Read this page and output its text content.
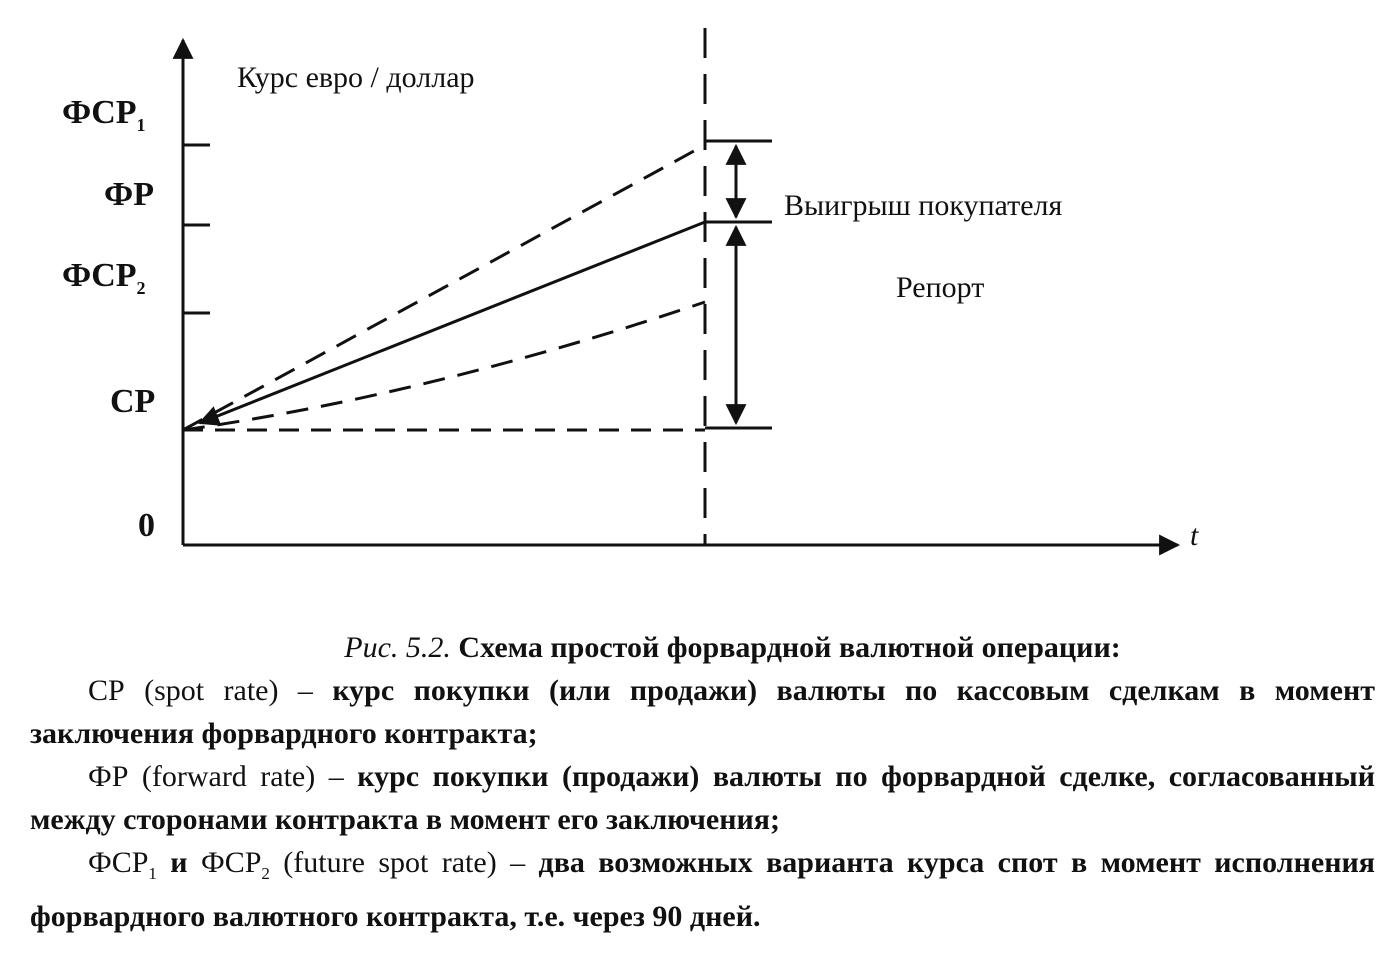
$ФСР_1$
ФР
$ФСР_2$
СР
0	t
Курс евро / доллар
Выигрыш покупателя
Репорт

Рис. 5.2. Схема простой форвардной валютной операции:

СР (spot rate) – курс покупки (или продажи) валюты по кассовым сделкам в момент заключения форвардного контракта;

ФР (forward rate) – курс покупки (продажи) валюты по форвардной сделке, согласованный между сторонами контракта в момент его заключения;

$ФСР_1$ и $ФСР_2$ (future spot rate) – два возможных варианта курса спот в момент исполнения форвардного валютного контракта, т.е. через 90 дней.
